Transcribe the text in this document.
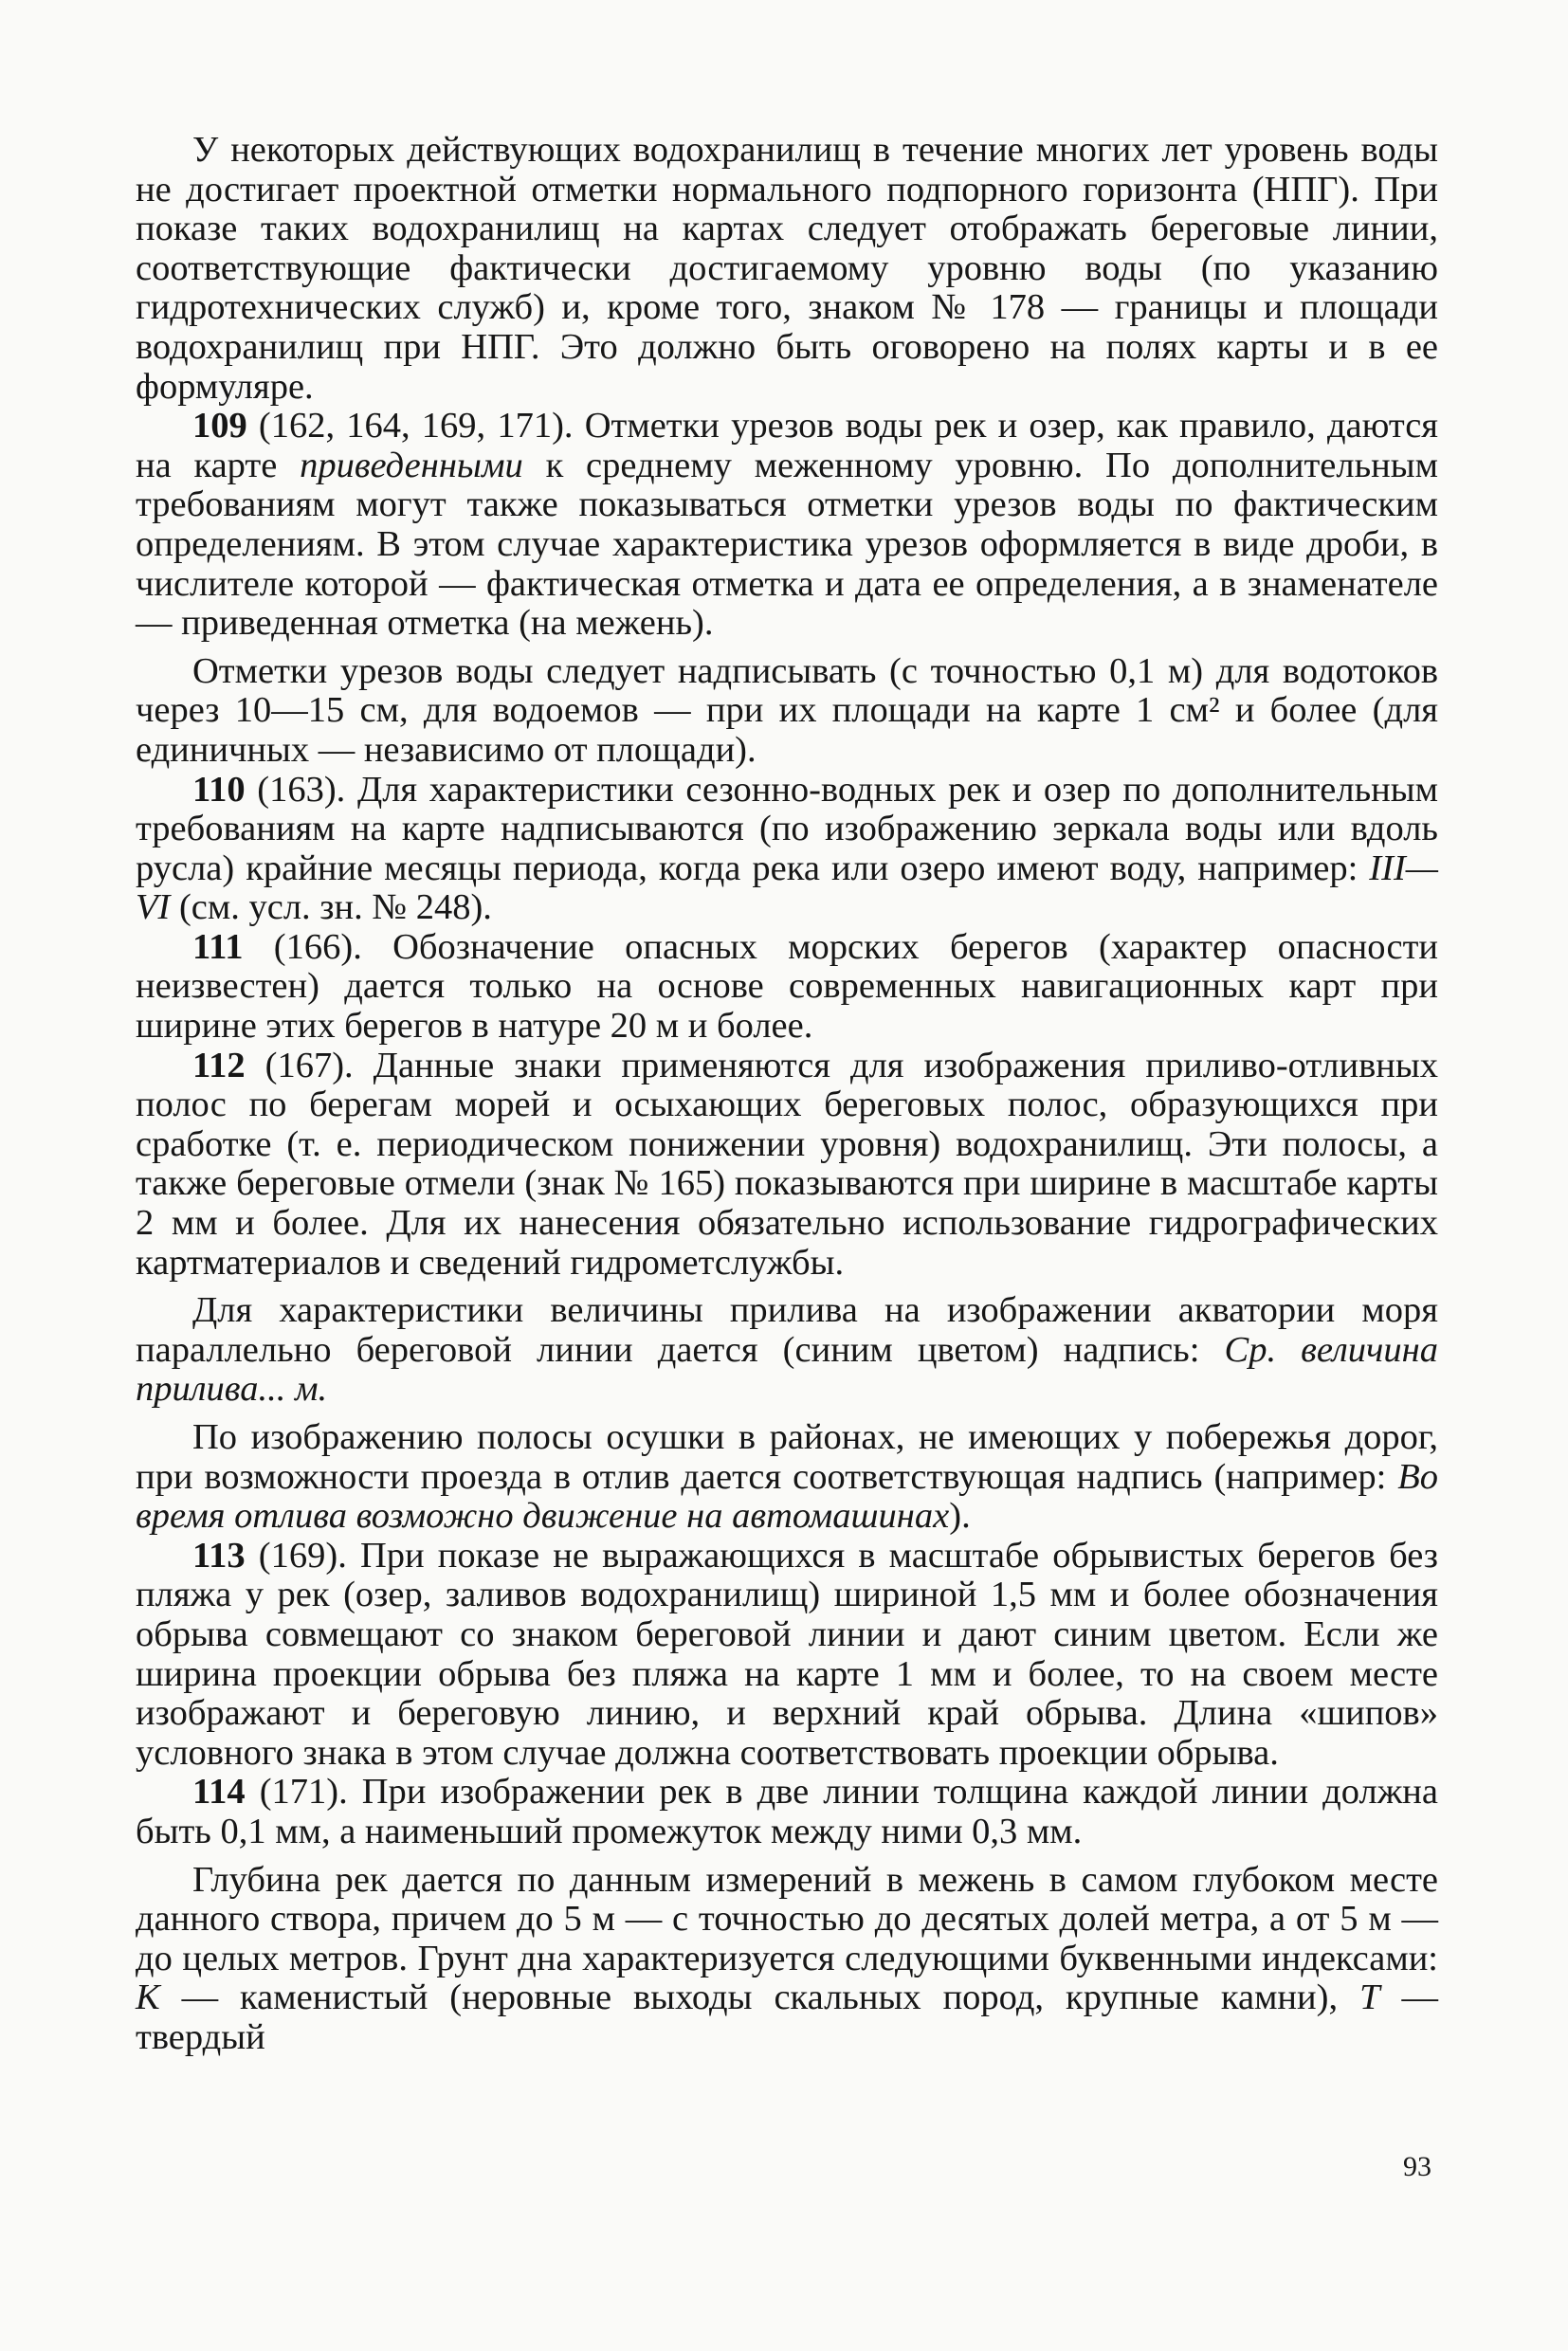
У некоторых действующих водохранилищ в течение многих лет уровень воды не достигает проектной отметки нормального подпорного горизонта (НПГ). При показе таких водохранилищ на картах следует отображать береговые линии, соответствующие фактически достигаемому уровню воды (по указанию гидротехнических служб) и, кроме того, знаком № 178 — границы и площади водохранилищ при НПГ. Это должно быть оговорено на полях карты и в ее формуляре.

109 (162, 164, 169, 171). Отметки урезов воды рек и озер, как правило, даются на карте приведенными к среднему меженному уровню. По дополнительным требованиям могут также показываться отметки урезов воды по фактическим определениям. В этом случае характеристика урезов оформляется в виде дроби, в числителе которой — фактическая отметка и дата ее определения, а в знаменателе — приведенная отметка (на межень).

Отметки урезов воды следует надписывать (с точностью 0,1 м) для водотоков через 10—15 см, для водоемов — при их площади на карте 1 см² и более (для единичных — независимо от площади).

110 (163). Для характеристики сезонно-водных рек и озер по дополнительным требованиям на карте надписываются (по изображению зеркала воды или вдоль русла) крайние месяцы периода, когда река или озеро имеют воду, например: III—VI (см. усл. зн. № 248).

111 (166). Обозначение опасных морских берегов (характер опасности неизвестен) дается только на основе современных навигационных карт при ширине этих берегов в натуре 20 м и более.

112 (167). Данные знаки применяются для изображения приливо-отливных полос по берегам морей и осыхающих береговых полос, образующихся при сработке (т. е. периодическом понижении уровня) водохранилищ. Эти полосы, а также береговые отмели (знак № 165) показываются при ширине в масштабе карты 2 мм и более. Для их нанесения обязательно использование гидрографических картматериалов и сведений гидрометслужбы.

Для характеристики величины прилива на изображении акватории моря параллельно береговой линии дается (синим цветом) надпись: Ср. величина прилива... м.

По изображению полосы осушки в районах, не имеющих у побережья дорог, при возможности проезда в отлив дается соответствующая надпись (например: Во время отлива возможно движение на автомашинах).

113 (169). При показе не выражающихся в масштабе обрывистых берегов без пляжа у рек (озер, заливов водохранилищ) шириной 1,5 мм и более обозначения обрыва совмещают со знаком береговой линии и дают синим цветом. Если же ширина проекции обрыва без пляжа на карте 1 мм и более, то на своем месте изображают и береговую линию, и верхний край обрыва. Длина «шипов» условного знака в этом случае должна соответствовать проекции обрыва.

114 (171). При изображении рек в две линии толщина каждой линии должна быть 0,1 мм, а наименьший промежуток между ними 0,3 мм.

Глубина рек дается по данным измерений в межень в самом глубоком месте данного створа, причем до 5 м — с точностью до десятых долей метра, а от 5 м — до целых метров. Грунт дна характеризуется следующими буквенными индексами: К — каменистый (неровные выходы скальных пород, крупные камни), Т — твердый

93
